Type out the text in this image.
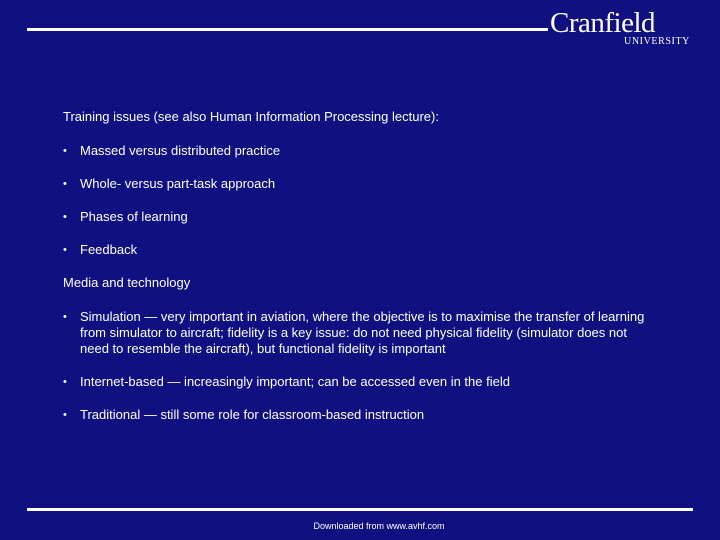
Cranfield
UNIVERSITY

Training issues (see also Human Information Processing lecture):

•	Massed versus distributed practice
•	Whole- versus part-task approach
•	Phases of learning
•	Feedback

Media and technology

•	Simulation — very important in aviation, where the objective is to maximise the transfer of learning from simulator to aircraft; fidelity is a key issue: do not need physical fidelity (simulator does not need to resemble the aircraft), but functional fidelity is important
•	Internet-based — increasingly important; can be accessed even in the field
•	Traditional — still some role for classroom-based instruction
Downloaded from www.avhf.com
